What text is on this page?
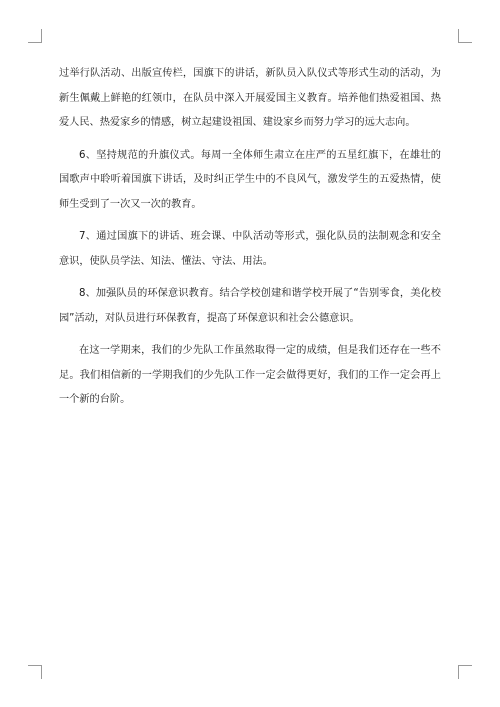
过举行队活动、出版宣传栏，国旗下的讲话，新队员入队仪式等形式生动的活动，为新生佩戴上鲜艳的红领巾，在队员中深入开展爱国主义教育。培养他们热爱祖国、热爱人民、热爱家乡的情感，树立起建设祖国、建设家乡而努力学习的远大志向。

6、坚持规范的升旗仪式。每周一全体师生肃立在庄严的五星红旗下，在雄壮的国歌声中聆听着国旗下讲话，及时纠正学生中的不良风气，激发学生的五爱热情，使师生受到了一次又一次的教育。

7、通过国旗下的讲话、班会课、中队活动等形式，强化队员的法制观念和安全意识，使队员学法、知法、懂法、守法、用法。

8、加强队员的环保意识教育。结合学校创建和谐学校开展了“告别零食，美化校园”活动，对队员进行环保教育，提高了环保意识和社会公德意识。

在这一学期来，我们的少先队工作虽然取得一定的成绩，但是我们还存在一些不足。我们相信新的一学期我们的少先队工作一定会做得更好，我们的工作一定会再上一个新的台阶。
